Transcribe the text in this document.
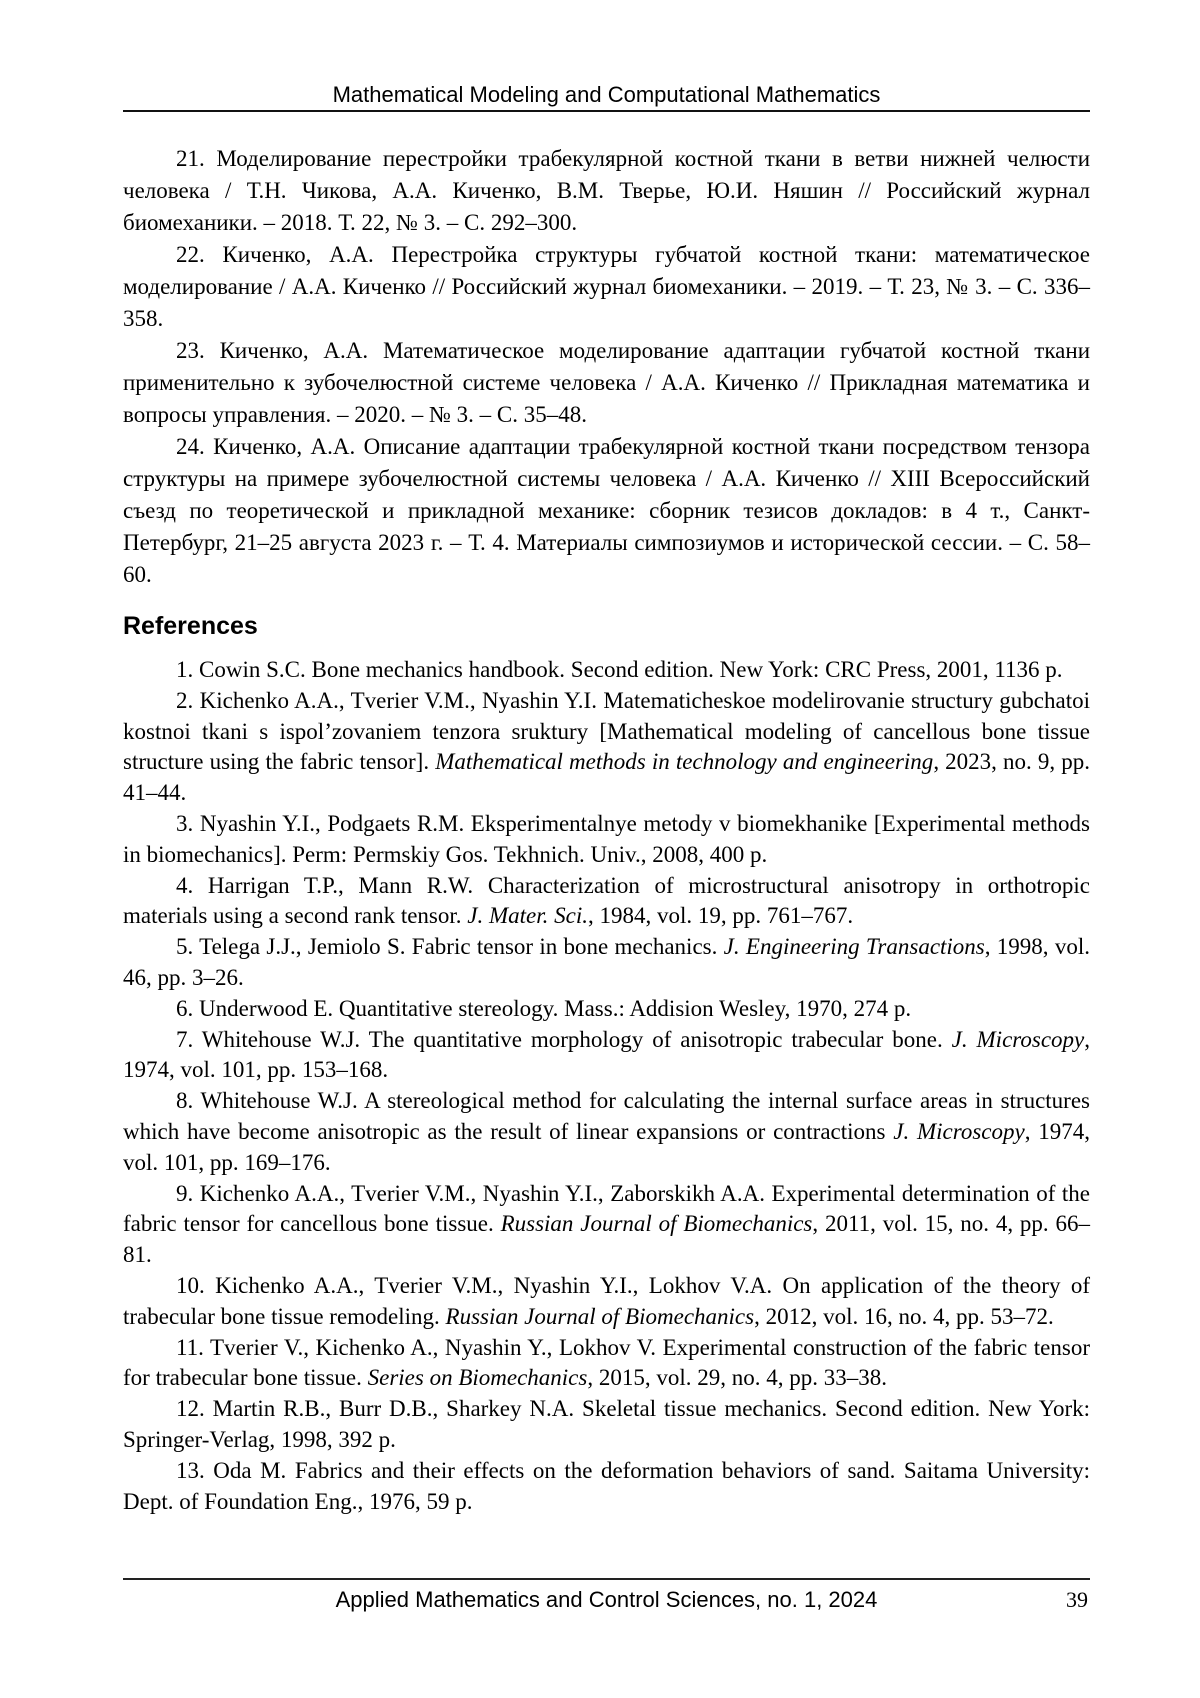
Mathematical Modeling and Computational Mathematics

21. Моделирование перестройки трабекулярной костной ткани в ветви нижней челюсти человека / Т.Н. Чикова, А.А. Киченко, В.М. Тверье, Ю.И. Няшин // Российский журнал биомеханики. – 2018. Т. 22, № 3. – С. 292–300.

22. Киченко, А.А. Перестройка структуры губчатой костной ткани: математическое моделирование / А.А. Киченко // Российский журнал биомеханики. – 2019. – Т. 23, № 3. – С. 336–358.

23. Киченко, А.А. Математическое моделирование адаптации губчатой костной ткани применительно к зубочелюстной системе человека / А.А. Киченко // Прикладная математика и вопросы управления. – 2020. – № 3. – С. 35–48.

24. Киченко, А.А. Описание адаптации трабекулярной костной ткани посредством тензора структуры на примере зубочелюстной системы человека / А.А. Киченко // XIII Всероссийский съезд по теоретической и прикладной механике: сборник тезисов докладов: в 4 т., Санкт-Петербург, 21–25 августа 2023 г. – Т. 4. Материалы симпозиумов и исторической сессии. – С. 58–60.

References

1. Cowin S.C. Bone mechanics handbook. Second edition. New York: CRC Press, 2001, 1136 p.

2. Kichenko A.A., Tverier V.M., Nyashin Y.I. Matematicheskoe modelirovanie structury gubchatoi kostnoi tkani s ispol’zovaniem tenzora sruktury [Mathematical modeling of cancellous bone tissue structure using the fabric tensor]. Mathematical methods in technology and engineering, 2023, no. 9, pp. 41–44.

3. Nyashin Y.I., Podgaets R.M. Eksperimentalnye metody v biomekhanike [Experimental methods in biomechanics]. Perm: Permskiy Gos. Tekhnich. Univ., 2008, 400 p.

4. Harrigan T.P., Mann R.W. Characterization of microstructural anisotropy in orthotropic materials using a second rank tensor. J. Mater. Sci., 1984, vol. 19, pp. 761–767.

5. Telega J.J., Jemiolo S. Fabric tensor in bone mechanics. J. Engineering Transactions, 1998, vol. 46, pp. 3–26.

6. Underwood E. Quantitative stereology. Mass.: Addision Wesley, 1970, 274 p.

7. Whitehouse W.J. The quantitative morphology of anisotropic trabecular bone. J. Microscopy, 1974, vol. 101, pp. 153–168.

8. Whitehouse W.J. A stereological method for calculating the internal surface areas in structures which have become anisotropic as the result of linear expansions or contractions J. Microscopy, 1974, vol. 101, pp. 169–176.

9. Kichenko A.A., Tverier V.M., Nyashin Y.I., Zaborskikh A.A. Experimental determination of the fabric tensor for cancellous bone tissue. Russian Journal of Biomechanics, 2011, vol. 15, no. 4, pp. 66–81.

10. Kichenko A.A., Tverier V.M., Nyashin Y.I., Lokhov V.A. On application of the theory of trabecular bone tissue remodeling. Russian Journal of Biomechanics, 2012, vol. 16, no. 4, pp. 53–72.

11. Tverier V., Kichenko A., Nyashin Y., Lokhov V. Experimental construction of the fabric tensor for trabecular bone tissue. Series on Biomechanics, 2015, vol. 29, no. 4, pp. 33–38.

12. Martin R.B., Burr D.B., Sharkey N.A. Skeletal tissue mechanics. Second edition. New York: Springer-Verlag, 1998, 392 p.

13. Oda M. Fabrics and their effects on the deformation behaviors of sand. Saitama University: Dept. of Foundation Eng., 1976, 59 p.

Applied Mathematics and Control Sciences, no. 1, 2024	39
